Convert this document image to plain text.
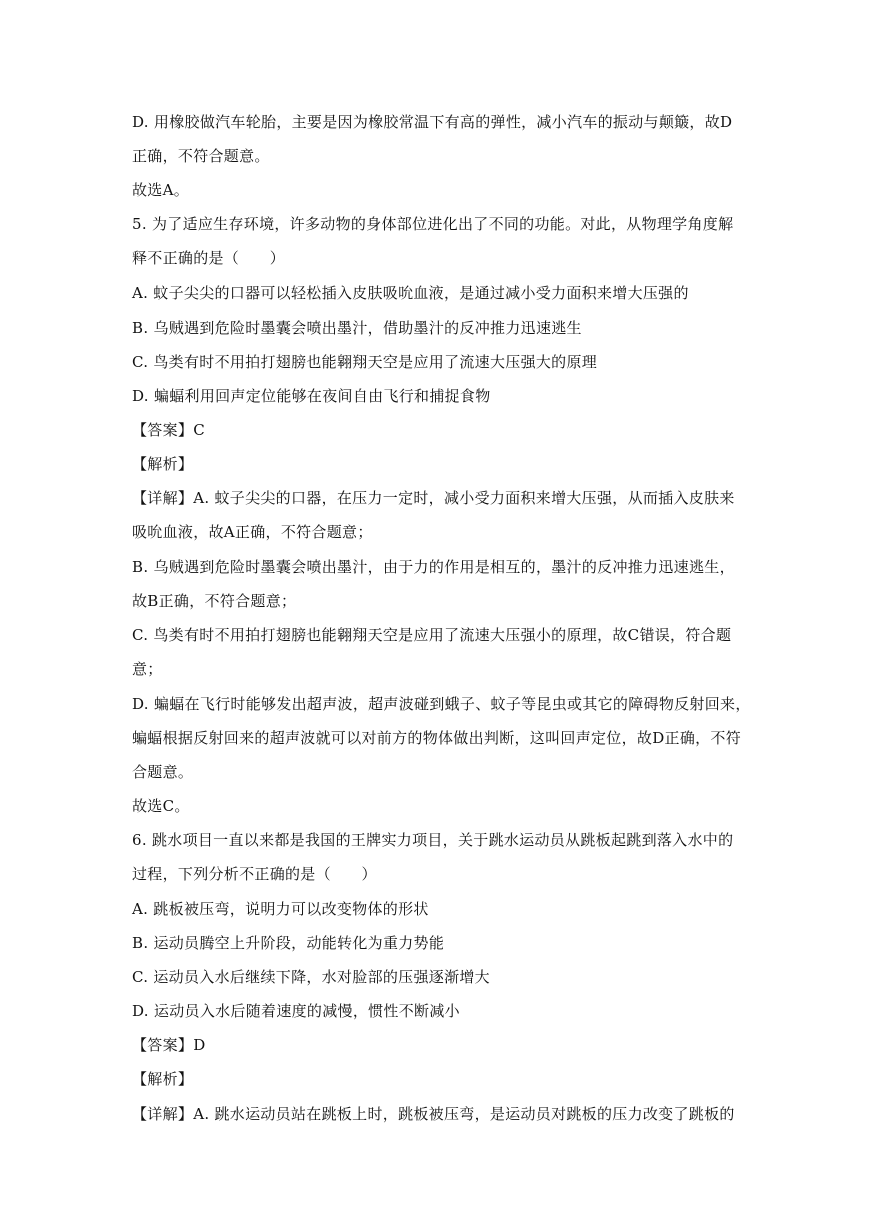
D. 用橡胶做汽车轮胎，主要是因为橡胶常温下有高的弹性，减小汽车的振动与颠簸，故D
正确，不符合题意。
故选A。
5. 为了适应生存环境，许多动物的身体部位进化出了不同的功能。对此，从物理学角度解
释不正确的是（　　）
A. 蚊子尖尖的口器可以轻松插入皮肤吸吮血液，是通过减小受力面积来增大压强的
B. 乌贼遇到危险时墨囊会喷出墨汁，借助墨汁的反冲推力迅速逃生
C. 鸟类有时不用拍打翅膀也能翱翔天空是应用了流速大压强大的原理
D. 蝙蝠利用回声定位能够在夜间自由飞行和捕捉食物
【答案】C
【解析】
【详解】A. 蚊子尖尖的口器，在压力一定时，减小受力面积来增大压强，从而插入皮肤来
吸吮血液，故A正确，不符合题意；
B. 乌贼遇到危险时墨囊会喷出墨汁，由于力的作用是相互的，墨汁的反冲推力迅速逃生，
故B正确，不符合题意；
C. 鸟类有时不用拍打翅膀也能翱翔天空是应用了流速大压强小的原理，故C错误，符合题
意；
D. 蝙蝠在飞行时能够发出超声波，超声波碰到蛾子、蚊子等昆虫或其它的障碍物反射回来，
蝙蝠根据反射回来的超声波就可以对前方的物体做出判断，这叫回声定位，故D正确，不符
合题意。
故选C。
6. 跳水项目一直以来都是我国的王牌实力项目，关于跳水运动员从跳板起跳到落入水中的
过程，下列分析不正确的是（　　）
A. 跳板被压弯，说明力可以改变物体的形状
B. 运动员腾空上升阶段，动能转化为重力势能
C. 运动员入水后继续下降，水对脸部的压强逐渐增大
D. 运动员入水后随着速度的减慢，惯性不断减小
【答案】D
【解析】
【详解】A. 跳水运动员站在跳板上时，跳板被压弯，是运动员对跳板的压力改变了跳板的
